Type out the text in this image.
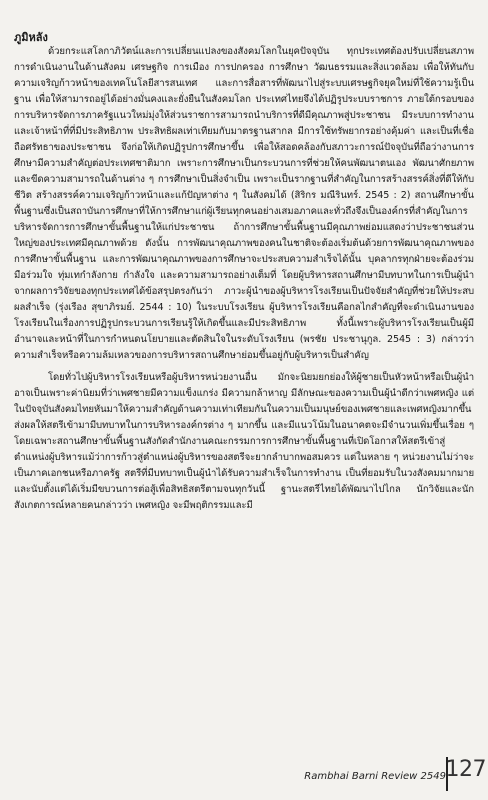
ภูมิหลัง

ด้วยกระแสโลกาภิวัตน์และการเปลี่ยนแปลงของสังคมโลกในยุคปัจจุบัน ทุกประเทศต้องปรับเปลี่ยนสภาพการดำเนินงานในด้านสังคม เศรษฐกิจ การเมือง การปกครอง การศึกษา วัฒนธรรมและสิ่งแวดล้อม เพื่อให้ทันกับความเจริญก้าวหน้าของเทคโนโลยีสารสนเทศ และการสื่อสารที่พัฒนาไปสู่ระบบเศรษฐกิจยุคใหม่ที่ใช้ความรู้เป็นฐาน เพื่อให้สามารถอยู่ได้อย่างมั่นคงและยั่งยืนในสังคมโลก ประเทศไทยจึงได้ปฏิรูประบบราชการ ภายใต้กรอบของการบริหารจัดการภาครัฐแนวใหม่มุ่งให้ส่วนราชการสามารถนำบริการที่ดีมีคุณภาพสู่ประชาชน มีระบบการทำงาน และเจ้าหน้าที่ที่มีประสิทธิภาพ ประสิทธิผลเท่าเทียมกับมาตรฐานสากล มีการใช้ทรัพยากรอย่างคุ้มค่า และเป็นที่เชื่อถือศรัทธาของประชาชน จึงก่อให้เกิดปฏิรูปการศึกษาขึ้น เพื่อให้สอดคล้องกับสภาวะการณ์ปัจจุบันที่ถือว่างานการศึกษามีความสำคัญต่อประเทศชาติมาก เพราะการศึกษาเป็นกระบวนการที่ช่วยให้คนพัฒนาตนเอง พัฒนาศักยภาพและขีดความสามารถในด้านต่าง ๆ การศึกษาเป็นสิ่งจำเป็น เพราะเป็นรากฐานที่สำคัญในการสร้างสรรค์สิ่งที่ดีให้กับชีวิต สร้างสรรค์ความเจริญก้าวหน้าและแก้ปัญหาต่าง ๆ ในสังคมได้ (สิริกร มณีรินทร์. 2545 : 2) สถานศึกษาขั้นพื้นฐานซึ่งเป็นสถาบันการศึกษาที่ให้การศึกษาแก่ผู้เรียนทุกคนอย่างเสมอภาคและทั่วถึงจึงเป็นองค์กรที่สำคัญในการบริหารจัดการการศึกษาขั้นพื้นฐานให้แก่ประชาชน ถ้าการศึกษาขั้นพื้นฐานมีคุณภาพย่อมแสดงว่าประชาชนส่วนใหญ่ของประเทศมีคุณภาพด้วย ดังนั้น การพัฒนาคุณภาพของคนในชาติจะต้องเริ่มต้นด้วยการพัฒนาคุณภาพของการศึกษาขั้นพื้นฐาน และการพัฒนาคุณภาพของการศึกษาจะประสบความสำเร็จได้นั้น บุคลากรทุกฝ่ายจะต้องร่วมมือร่วมใจ ทุ่มเทกำลังกาย กำลังใจ และความสามารถอย่างเต็มที่ โดยผู้บริหารสถานศึกษามีบทบาทในการเป็นผู้นำ จากผลการวิจัยของทุกประเทศได้ข้อสรุปตรงกันว่า ภาวะผู้นำของผู้บริหารโรงเรียนเป็นปัจจัยสำคัญที่ช่วยให้ประสบผลสำเร็จ (รุ่งเรือง สุขาภิรมย์. 2544 : 10) ในระบบโรงเรียน ผู้บริหารโรงเรียนคือกลไกสำคัญที่จะดำเนินงานของโรงเรียนในเรื่องการปฏิรูปกระบวนการเรียนรู้ให้เกิดขึ้นและมีประสิทธิภาพ ทั้งนี้เพราะผู้บริหารโรงเรียนเป็นผู้มีอำนาจและหน้าที่ในการกำหนดนโยบายและตัดสินใจในระดับโรงเรียน (พรชัย ประชานุกูล. 2545 : 3) กล่าวว่า ความสำเร็จหรือความล้มเหลวของการบริหารสถานศึกษาย่อมขึ้นอยู่กับผู้บริหารเป็นสำคัญ

โดยทั่วไปผู้บริหารโรงเรียนหรือผู้บริหารหน่วยงานอื่น มักจะนิยมยกย่องให้ผู้ชายเป็นหัวหน้าหรือเป็นผู้นำ อาจเป็นเพราะค่านิยมที่ว่าเพศชายมีความแข็งแกร่ง มีความกล้าหาญ มีลักษณะของความเป็นผู้นำดีกว่าเพศหญิง แต่ในปัจจุบันสังคมไทยหันมาให้ความสำคัญด้านความเท่าเทียมกันในความเป็นมนุษย์ของเพศชายและเพศหญิงมากขึ้น ส่งผลให้สตรีเข้ามามีบทบาทในการบริหารองค์กรต่าง ๆ มากขึ้น และมีแนวโน้มในอนาคตจะมีจำนวนเพิ่มขึ้นเรื่อย ๆ โดยเฉพาะสถานศึกษาขั้นพื้นฐานสังกัดสำนักงานคณะกรรมการการศึกษาขั้นพื้นฐานที่เปิดโอกาสให้สตรีเข้าสู่ตำแหน่งผู้บริหารแม้ว่าการก้าวสู่ตำแหน่งผู้บริหารของสตรีจะยากลำบากพอสมควร แต่ในหลาย ๆ หน่วยงานไม่ว่าจะเป็นภาคเอกชนหรือภาครัฐ สตรีที่มีบทบาทเป็นผู้นำได้รับความสำเร็จในการทำงาน เป็นที่ยอมรับในวงสังคมมากมาย และนับตั้งแต่ได้เริ่มมีขบวนการต่อสู้เพื่อสิทธิสตรีตามจนทุกวันนี้ ฐานะสตรีไทยได้พัฒนาไปไกล นักวิจัยและนักสังเกตการณ์หลายคนกล่าวว่า เพศหญิง จะมีพฤติกรรมและมี

Rambhai Barni Review 2549 127
